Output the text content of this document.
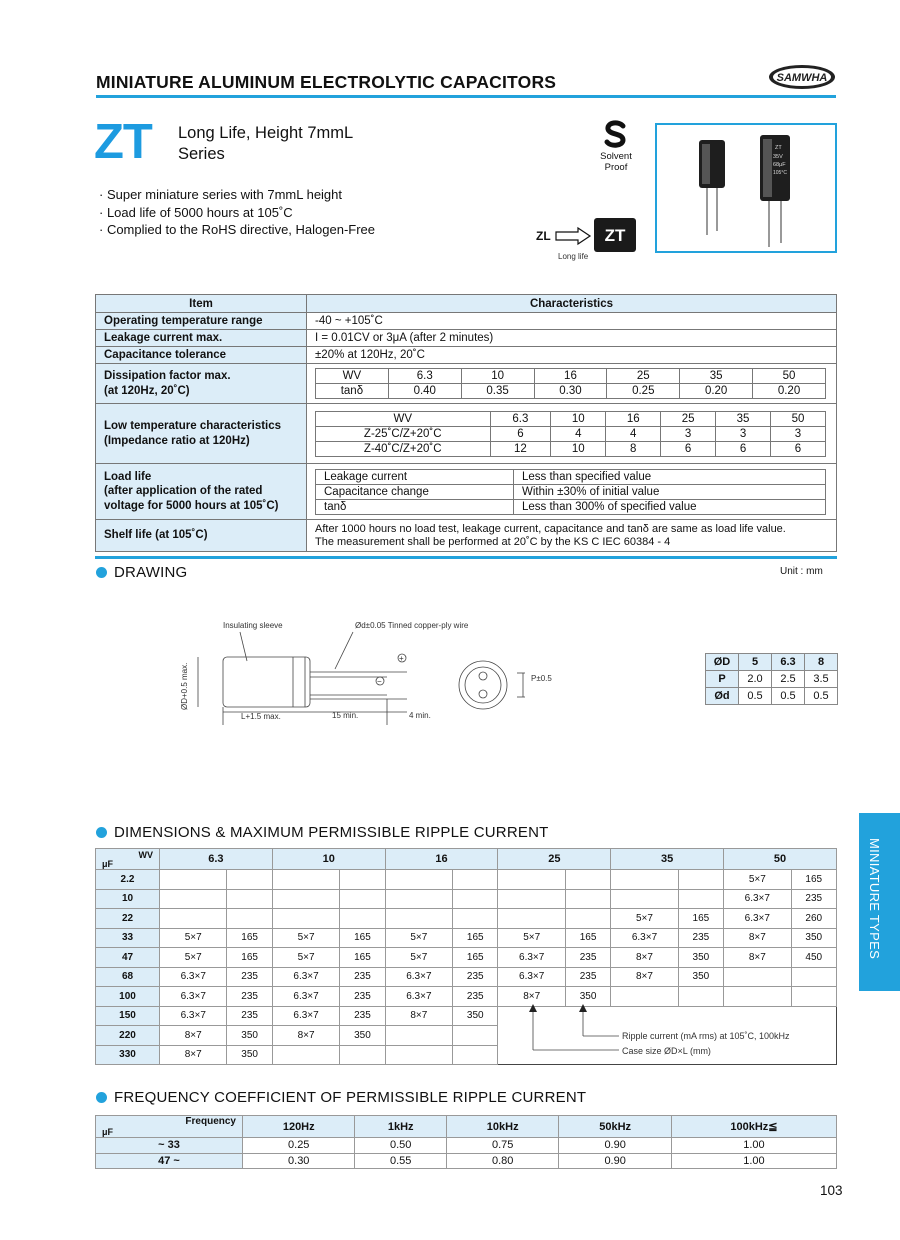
MINIATURE ALUMINUM ELECTROLYTIC CAPACITORS	SAMWHA
ZT Long Life, Height 7mmL
Series
· Super miniature series with 7mmL height
· Load life of 5000 hours at 105˚C
· Complied to the RoHS directive, Halogen-Free
Solvent Proof
ZT
35V
68μF
105°C
ZL	ZT
Long life
Item	Characteristics
Operating temperature range	-40 ~ +105˚C
Leakage current max.	I = 0.01CV or 3μA (after 2 minutes)
Capacitance tolerance	±20% at 120Hz, 20˚C

Dissipation factor max.
(at 120Hz, 20˚C)

WV	6.3	10	16	25	35	50
tanδ	0.40	0.35	0.30	0.25	0.20	0.20

Low temperature characteristics
(Impedance ratio at 120Hz)

WV	6.3	10	16	25	35	50
Z-25˚C/Z+20˚C	6	4	4	3	3	3
Z-40˚C/Z+20˚C	12	10	8	6	6	6

Load life
(after application of the rated
voltage for 5000 hours at 105˚C)

Leakage current	Less than specified value
Capacitance change	Within ±30% of initial value
tanδ	Less than 300% of specified value

Shelf life (at 105˚C)	
After 1000 hours no load test, leakage current, capacitance and tanδ are same as load life value.
The measurement shall be performed at 20˚C by the KS C IEC 60384 - 4
DRAWING	Unit : mm
Insulating sleeve	Ød±0.05 Tinned copper-ply wire
ØD+0.5 max.
L+1.5 max.	15 min.	4 min.
P±0.5
+
−
ØD	5	6.3	8
P	2.0	2.5	3.5
Ød	0.5	0.5	0.5
DIMENSIONS & MAXIMUM PERMISSIBLE RIPPLE CURRENT
WV
μF	6.3		10		16		25		35		50	
2.2											5×7	165
10											6.3×7	235
22									5×7	165	6.3×7	260
33	5×7	165	5×7	165	5×7	165	5×7	165	6.3×7	235	8×7	350
47	5×7	165	5×7	165	5×7	165	6.3×7	235	8×7	350	8×7	450
68	6.3×7	235	6.3×7	235	6.3×7	235	6.3×7	235	8×7	350		
100	6.3×7	235	6.3×7	235	6.3×7	235	8×7	350				
150	6.3×7	235	6.3×7	235	8×7	350						
220	8×7	350	8×7	350								
330	8×7	350										
Ripple current (mA rms) at 105˚C, 100kHz
Case size ØD×L (mm)
FREQUENCY COEFFICIENT OF PERMISSIBLE RIPPLE CURRENT
Frequency
μF	120Hz	1kHz	10kHz	50kHz	100kHz≦
~ 33	0.25	0.50	0.75	0.90	1.00
47 ~	0.30	0.55	0.80	0.90	1.00
MINIATURE TYPES
103
